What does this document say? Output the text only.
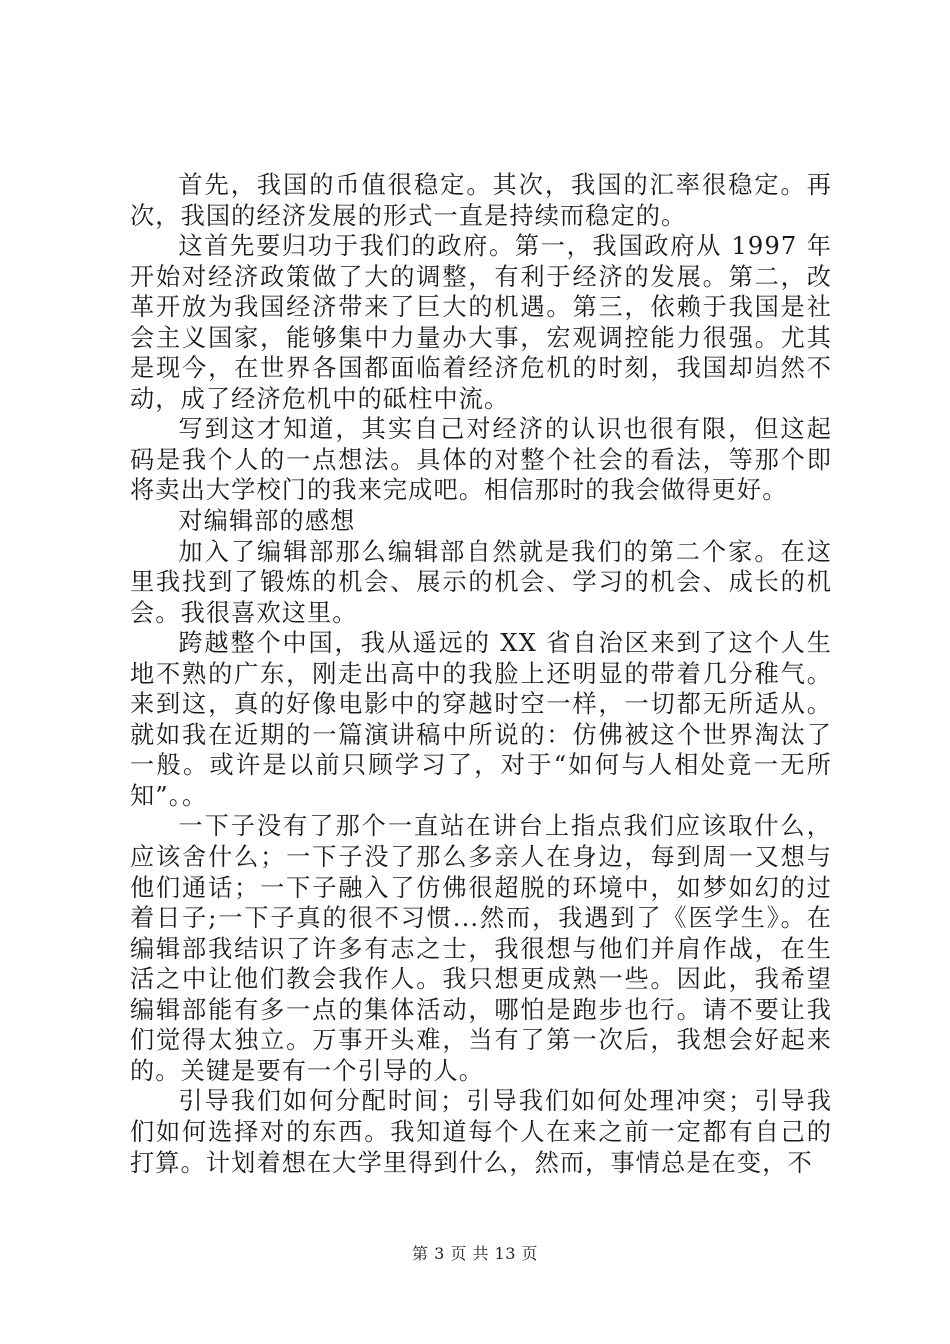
首先，我国的币值很稳定。其次，我国的汇率很稳定。再次，我国的经济发展的形式一直是持续而稳定的。

这首先要归功于我们的政府。第一，我国政府从 1997 年开始对经济政策做了大的调整，有利于经济的发展。第二，改革开放为我国经济带来了巨大的机遇。第三，依赖于我国是社会主义国家，能够集中力量办大事，宏观调控能力很强。尤其是现今，在世界各国都面临着经济危机的时刻，我国却岿然不动，成了经济危机中的砥柱中流。

写到这才知道，其实自己对经济的认识也很有限，但这起码是我个人的一点想法。具体的对整个社会的看法，等那个即将卖出大学校门的我来完成吧。相信那时的我会做得更好。

对编辑部的感想

加入了编辑部那么编辑部自然就是我们的第二个家。在这里我找到了锻炼的机会、展示的机会、学习的机会、成长的机会。我很喜欢这里。

跨越整个中国，我从遥远的 XX 省自治区来到了这个人生地不熟的广东，刚走出高中的我脸上还明显的带着几分稚气。来到这，真的好像电影中的穿越时空一样，一切都无所适从。就如我在近期的一篇演讲稿中所说的：仿佛被这个世界淘汰了一般。或许是以前只顾学习了，对于“如何与人相处竟一无所知”。。

一下子没有了那个一直站在讲台上指点我们应该取什么，应该舍什么；一下子没了那么多亲人在身边，每到周一又想与他们通话；一下子融入了仿佛很超脱的环境中，如梦如幻的过着日子;一下子真的很不习惯...然而，我遇到了《医学生》。在编辑部我结识了许多有志之士，我很想与他们并肩作战，在生活之中让他们教会我作人。我只想更成熟一些。因此，我希望编辑部能有多一点的集体活动，哪怕是跑步也行。请不要让我们觉得太独立。万事开头难，当有了第一次后，我想会好起来的。关键是要有一个引导的人。

引导我们如何分配时间；引导我们如何处理冲突；引导我们如何选择对的东西。我知道每个人在来之前一定都有自己的打算。计划着想在大学里得到什么，然而，事情总是在变，不

第 3 页 共 13 页
